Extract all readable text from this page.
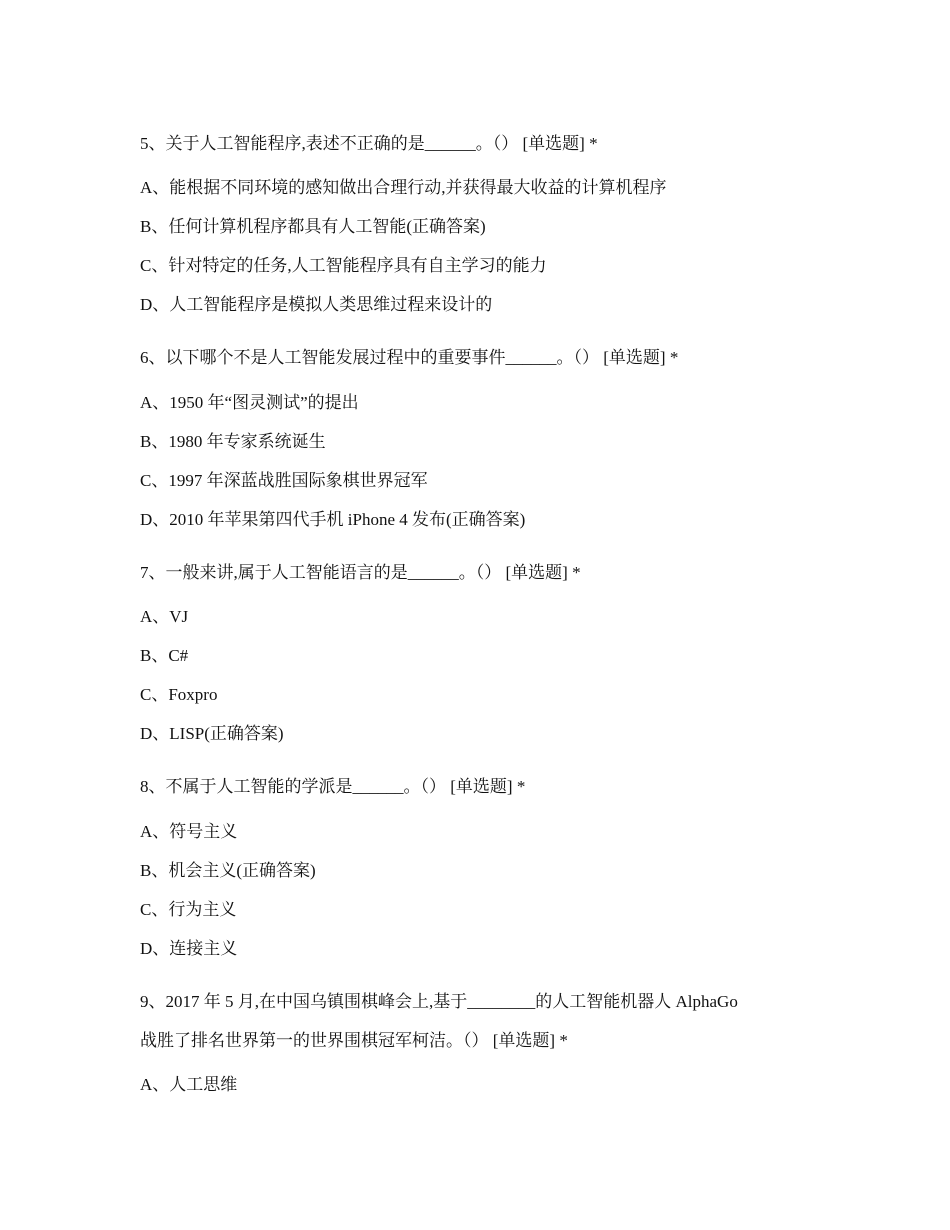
5、关于人工智能程序,表述不正确的是______。（） [单选题] *
A、能根据不同环境的感知做出合理行动,并获得最大收益的计算机程序
B、任何计算机程序都具有人工智能(正确答案)
C、针对特定的任务,人工智能程序具有自主学习的能力
D、人工智能程序是模拟人类思维过程来设计的
6、以下哪个不是人工智能发展过程中的重要事件______。（） [单选题] *
A、1950 年“图灵测试”的提出
B、1980 年专家系统诞生
C、1997 年深蓝战胜国际象棋世界冠军
D、2010 年苹果第四代手机 iPhone 4 发布(正确答案)
7、一般来讲,属于人工智能语言的是______。（） [单选题] *
A、VJ
B、C#
C、Foxpro
D、LISP(正确答案)
8、不属于人工智能的学派是______。（） [单选题] *
A、符号主义
B、机会主义(正确答案)
C、行为主义
D、连接主义
9、2017 年 5 月,在中国乌镇围棋峰会上,基于________的人工智能机器人 AlphaGo
战胜了排名世界第一的世界围棋冠军柯洁。（） [单选题] *
A、人工思维
